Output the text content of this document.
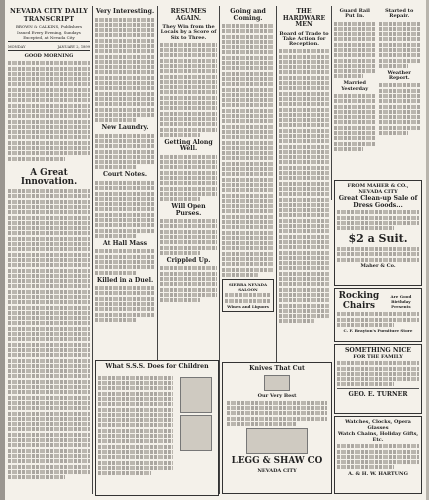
NEVADA CITY DAILY TRANSCRIPT
BROWN & CALKINS, Publishers
Issued Every Evening, Sundays Excepted, at Nevada City
MONDAY	JANUARY 2, 1899
GOOD MORNING
A Great Innovation.
Very Interesting.
New Laundry.
Court Notes.
At Hall Mass
Killed in a Duel.
What S.S.S. Does for Children
RESUMES AGAIN.
They Win from the Locals by a Score of Six to Three.
Getting Along Well.
Will Open Purses.
Crippled Up.
Going and Coming.
SIERRA NEVADA SALOON
Wines and Liquors
Knives That Cut
Our Very Best
LEGG & SHAW CO
NEVADA CITY
THE HARDWARE MEN
Board of Trade to Take Action for Reception.
Guard Rail Put In.
Married Yesterday
Started to Repair.
Weather Report.
FROM MAHER & CO., NEVADA CITY
Great Clean-up Sale of Dress Goods...
$2 a Suit.
Maher & Co.
Rocking Chairs
Are Good Birthday Presents
C. F. Brayton's Furniture Store
SOMETHING NICE
FOR THE FAMILY
GEO. E. TURNER
Watches, Clocks, Opera Glasses
Watch Chains, Holiday Gifts, Etc.
A. & H. W. HARTUNG
